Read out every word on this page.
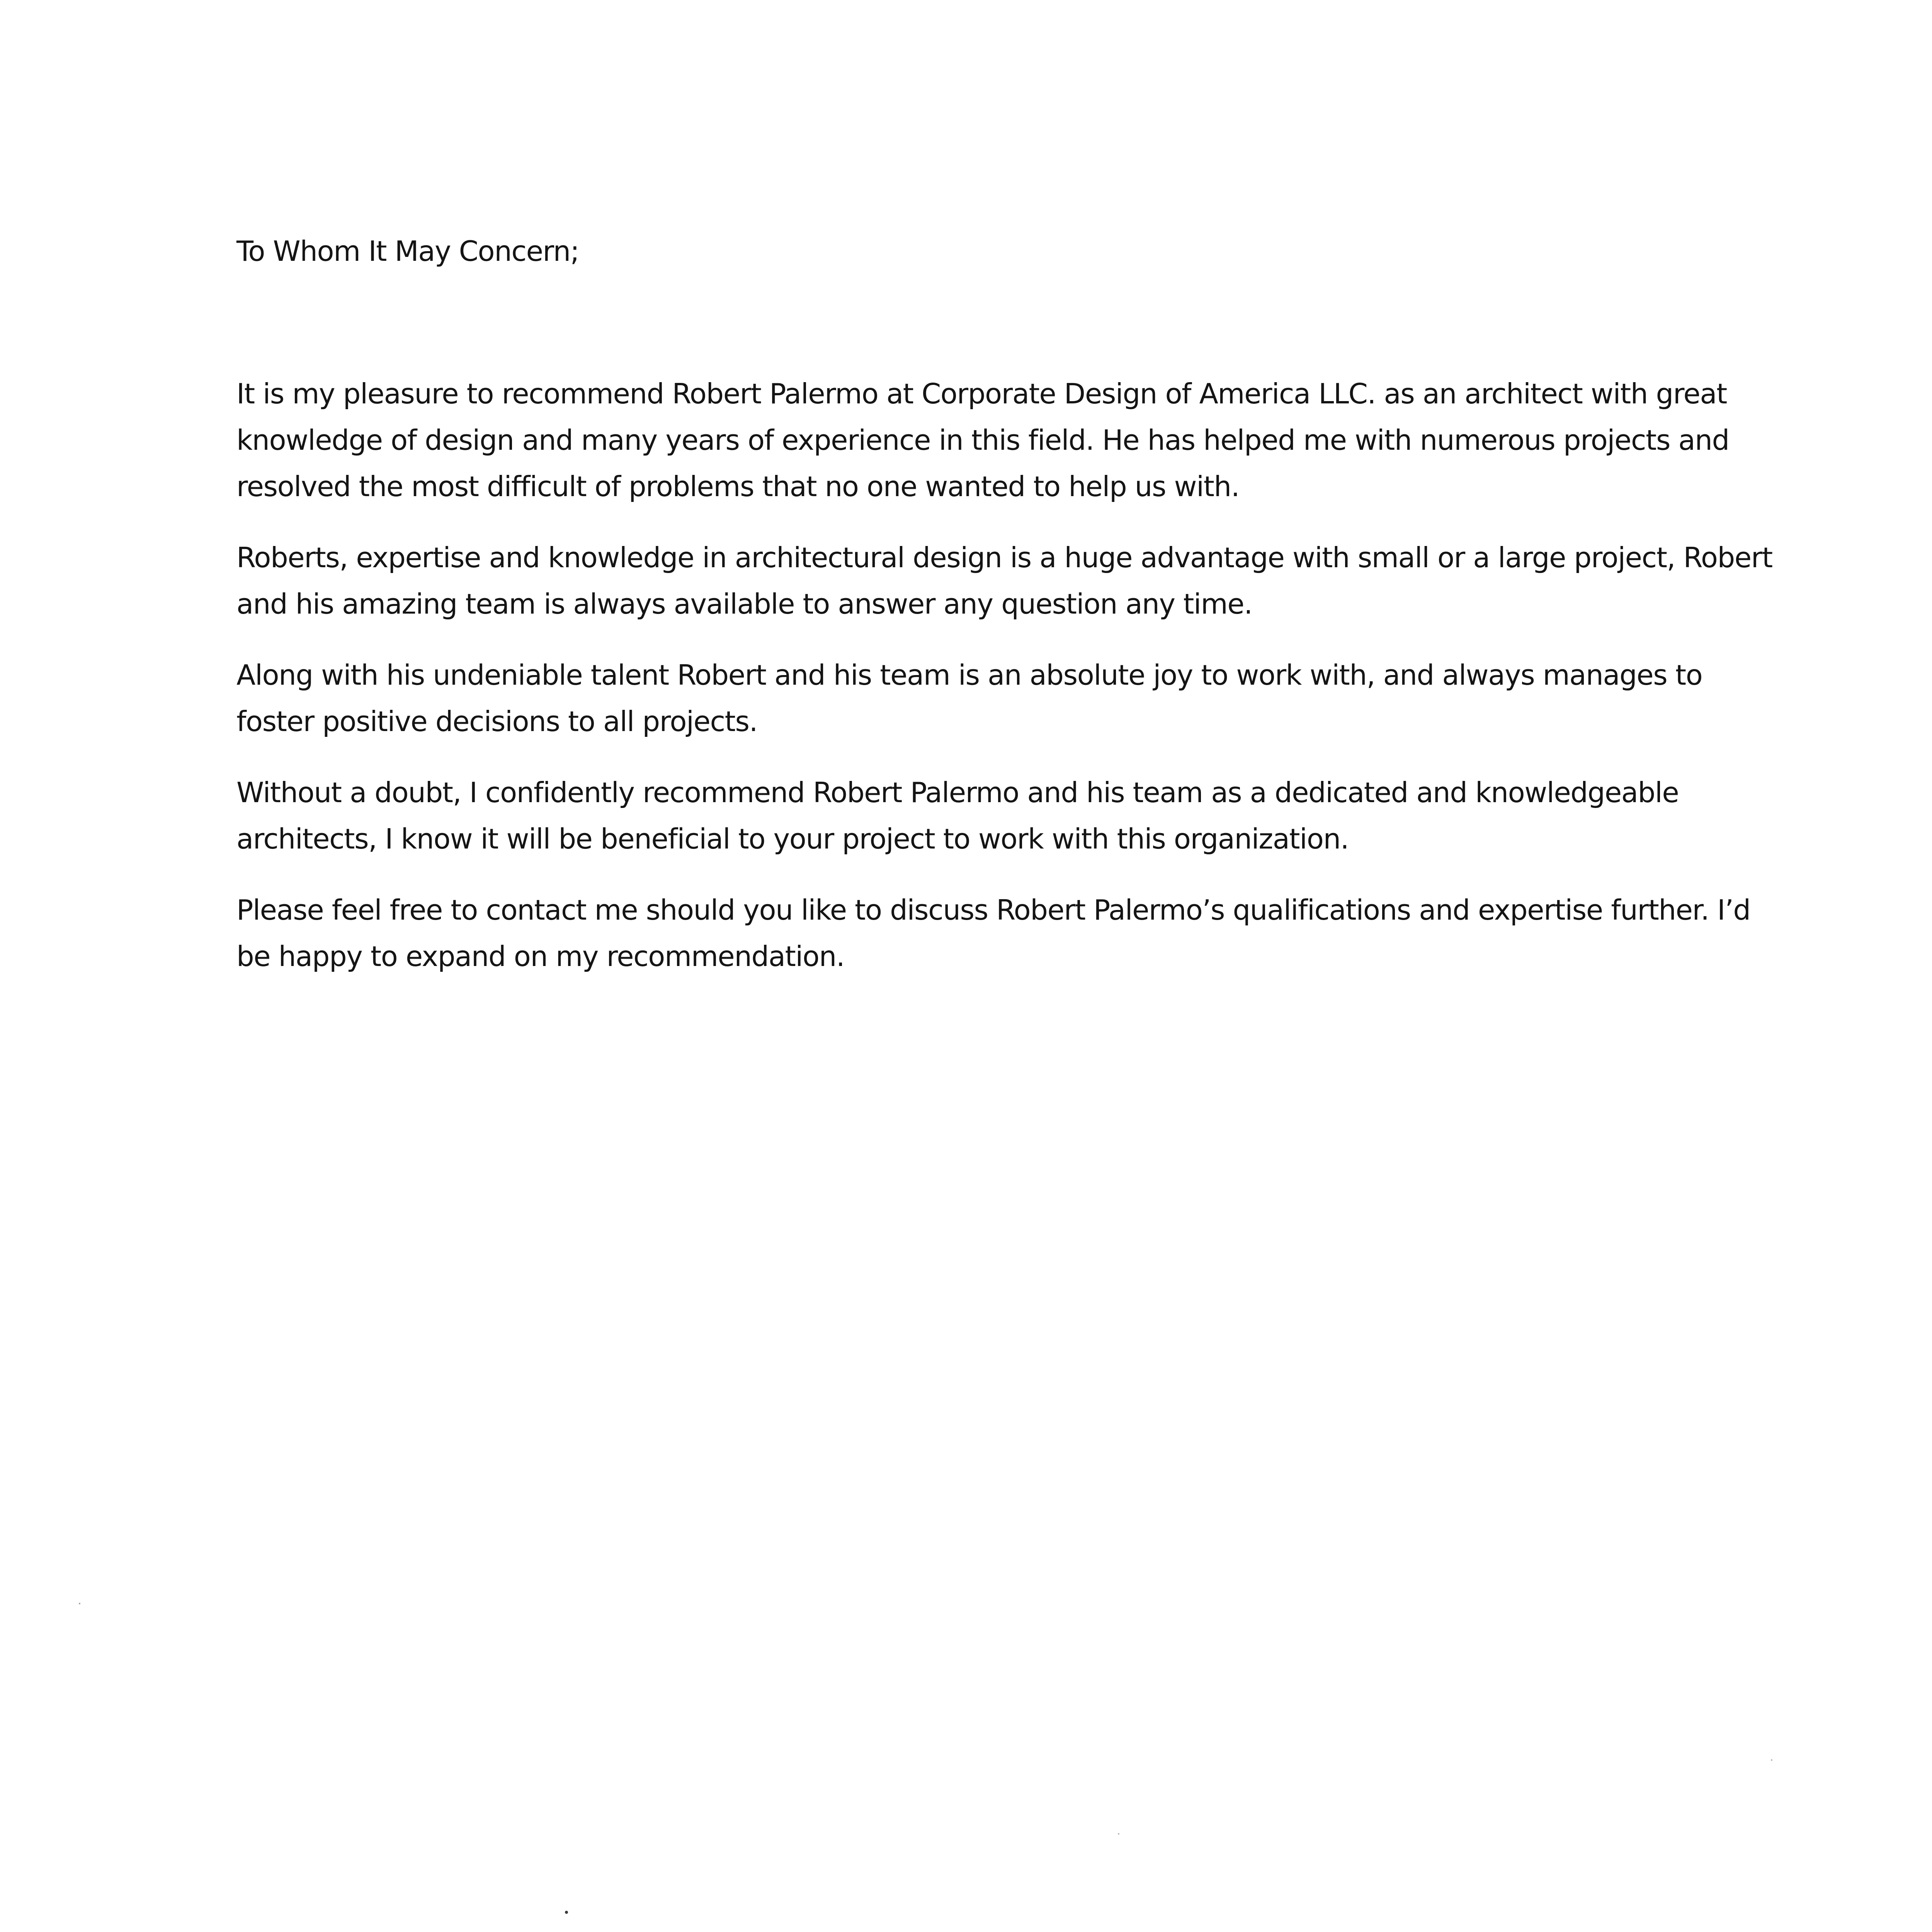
To Whom It May Concern;

It is my pleasure to recommend Robert Palermo at Corporate Design of America LLC. as an architect with great knowledge of design and many years of experience in this field. He has helped me with numerous projects and resolved the most difficult of problems that no one wanted to help us with.

Roberts, expertise and knowledge in architectural design is a huge advantage with small or a large project, Robert and his amazing team is always available to answer any question any time.

Along with his undeniable talent Robert and his team is an absolute joy to work with, and always manages to foster positive decisions to all projects.

Without a doubt, I confidently recommend Robert Palermo and his team as a dedicated and knowledgeable architects, I know it will be beneficial to your project to work with this organization.

Please feel free to contact me should you like to discuss Robert Palermo’s qualifications and expertise further. I’d be happy to expand on my recommendation.
